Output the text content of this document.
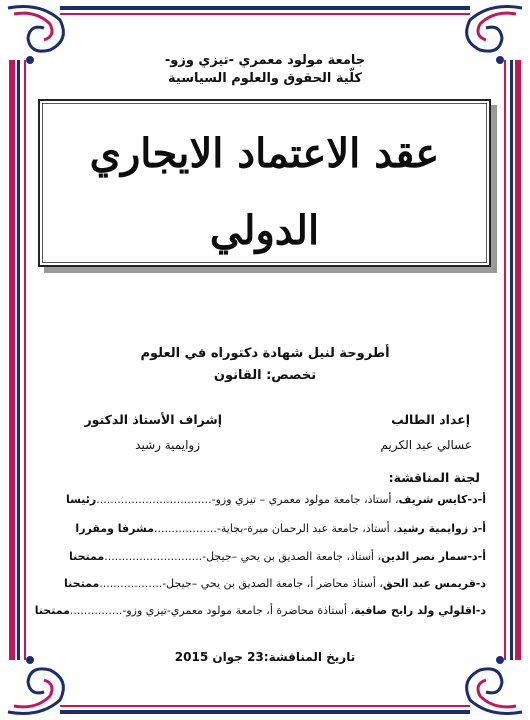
جامعة مولود معمري -تيزي وزو-
كلّية الحقوق والعلوم السياسية
عقد الاعتماد الايجاري
الدولي
أطروحة لنيل شهادة دكتوراه في العلوم
تخصص: القانون
إعداد الطالب
عسالي عبد الكريم
إشراف الأستاذ الدكتور
زوايمية رشيد
لجنة المناقشة:
أ-د-كايس شريف، أستاذ، جامعة مولود معمري – تيزي وزو-.................................رئيسا
أ-د زوايمية رشيد، أستاذ، جامعة عبد الرحمان ميرة-بجاية-..................مشرفا ومقررا
أ-د-سمار نصر الدين، أستاذ، جامعة الصديق بن يحي –جيجل-............................ممتحنا
د-قريمس عبد الحق، أستاذ محاضر أ، جامعة الصديق بن يحي –جيجل-..................ممتحنا
د-اقلولي ولد رابح صافية، أستاذة محاضرة أ، جامعة مولود معمري-تيزي وزو-...............ممتحنا
تاريخ المناقشة:23 جوان 2015
